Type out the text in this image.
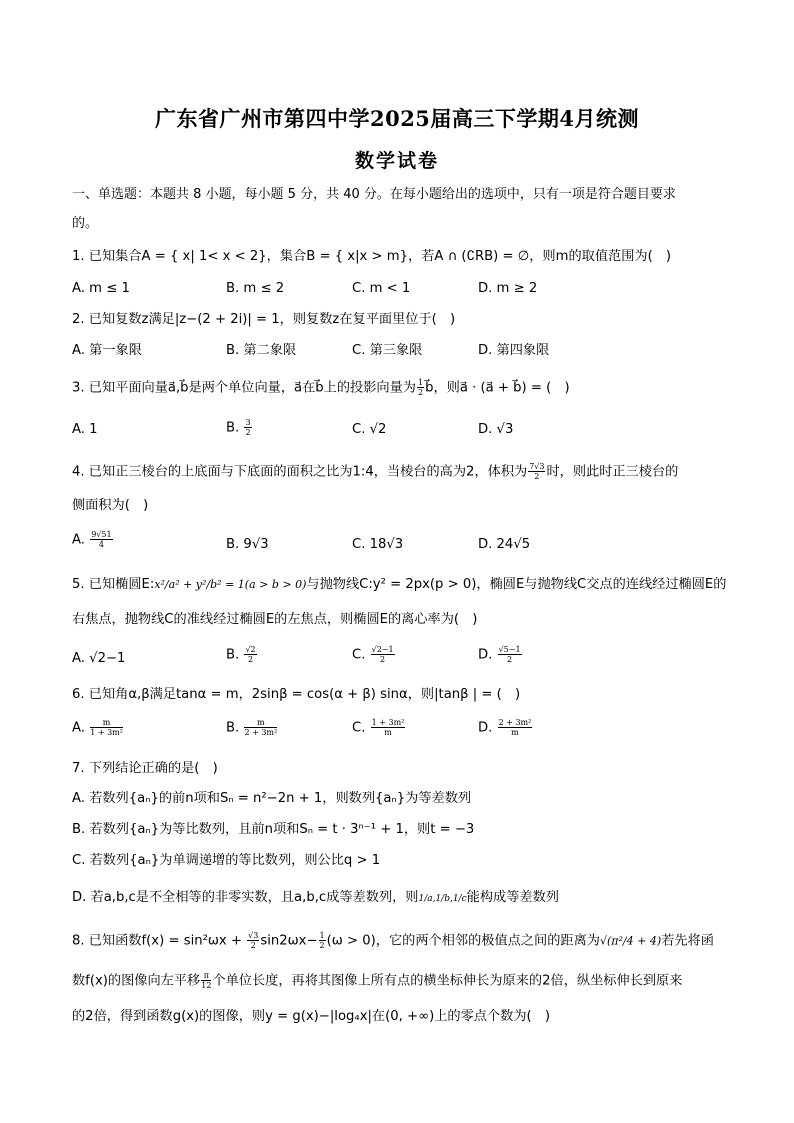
广东省广州市第四中学2025届高三下学期4月统测
数学试卷
一、单选题：本题共 8 小题，每小题 5 分，共 40 分。在每小题给出的选项中，只有一项是符合题目要求
的。
1. 已知集合A = { x| 1< x < 2}，集合B = { x|x > m}，若A ∩ (∁RB) = ∅，则m的取值范围为(　)
A. m ≤ 1	B. m ≤ 2	C. m < 1	D. m ≥ 2
2. 已知复数z满足|z−(2 + 2i)| = 1，则复数z在复平面里位于(　)
A. 第一象限	B. 第二象限	C. 第三象限	D. 第四象限
3. 已知平面向量a⃗,b⃗是两个单位向量，a⃗在b⃗上的投影向量为 $\frac{1}{2}$ b⃗，则a⃗ · (a⃗ + b⃗) = (　)
A. 1	B. $\frac{3}{2}$	C. √2	D. √3
4. 已知正三棱台的上底面与下底面的面积之比为1:4，当棱台的高为2，体积为 $\frac{7√3}{2}$ 时，则此时正三棱台的
侧面积为(　)
A. $\frac{9√51}{4}$	B. 9√3	C. 18√3	D. 24√5
5. 已知椭圆E:x²/a² + y²/b² = 1(a > b > 0)与抛物线C:y² = 2px(p > 0)，椭圆E与抛物线C交点的连线经过椭圆E的
右焦点，抛物线C的准线经过椭圆E的左焦点，则椭圆E的离心率为(　)
A. √2−1	B. $\frac{√2}{2}$	C. $\frac{√2-1}{2}$	D. $\frac{√5-1}{2}$
6. 已知角α,β满足tanα = m，2sinβ = cos(α + β) sinα，则|tanβ | = (　)
A. $\frac{m}{\text{1 + 3m²}}$	B. $\frac{m}{\text{2 + 3m²}}$	C. $\frac{\text{1 + 3m²}}{m}$	D. $\frac{\text{2 + 3m²}}{m}$
7. 下列结论正确的是(　)
A. 若数列{aₙ}的前n项和Sₙ = n²−2n + 1，则数列{aₙ}为等差数列
B. 若数列{aₙ}为等比数列，且前n项和Sₙ = t · 3ⁿ⁻¹ + 1，则t = −3
C. 若数列{aₙ}为单调递增的等比数列，则公比q > 1
D. 若a,b,c是不全相等的非零实数，且a,b,c成等差数列，则1/a,1/b,1/c能构成等差数列
8. 已知函数$f(x) = \sin^2\omega x + \frac{√3}{2} \sin 2\omega x- \frac{1}{2} (\omega > 0)$，它的两个相邻的极值点之间的距离为√(π²/4 + 4)若先将函
数f(x)的图像向左平移 $\frac{\pi}{12}$ 个单位长度，再将其图像上所有点的横坐标伸长为原来的2倍，纵坐标伸长到原来
的2倍，得到函数g(x)的图像，则y = g(x)−|log₄x|在(0, +∞)上的零点个数为(　)
